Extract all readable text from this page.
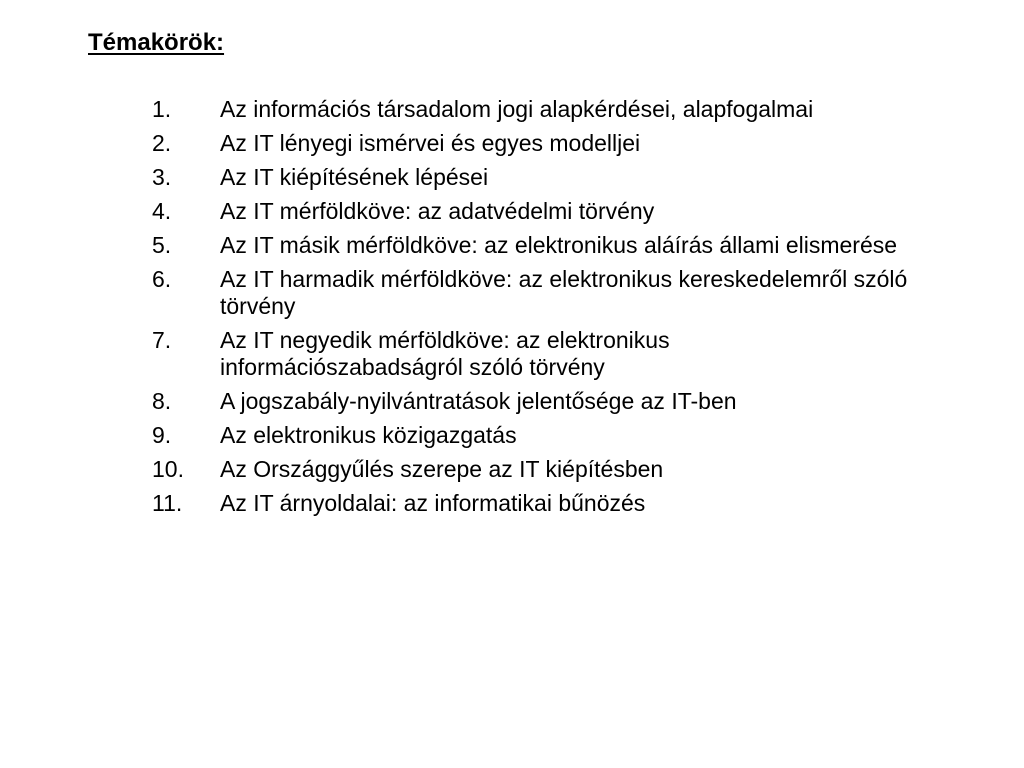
Témakörök:
1.	Az információs társadalom jogi alapkérdései, alapfogalmai
2.	Az IT lényegi ismérvei és egyes modelljei
3.	Az IT kiépítésének lépései
4.	Az IT mérföldköve: az adatvédelmi törvény
5.	Az IT másik mérföldköve: az elektronikus aláírás állami elismerése
6.	Az IT harmadik mérföldköve: az elektronikus kereskedelemről szóló törvény
7.	Az IT negyedik mérföldköve: az elektronikus információszabadságról szóló törvény
8.	A jogszabály-nyilvántratások jelentősége az IT-ben
9.	Az elektronikus közigazgatás
10.	Az Országgyűlés szerepe az IT kiépítésben
11.	Az IT árnyoldalai: az informatikai bűnözés
